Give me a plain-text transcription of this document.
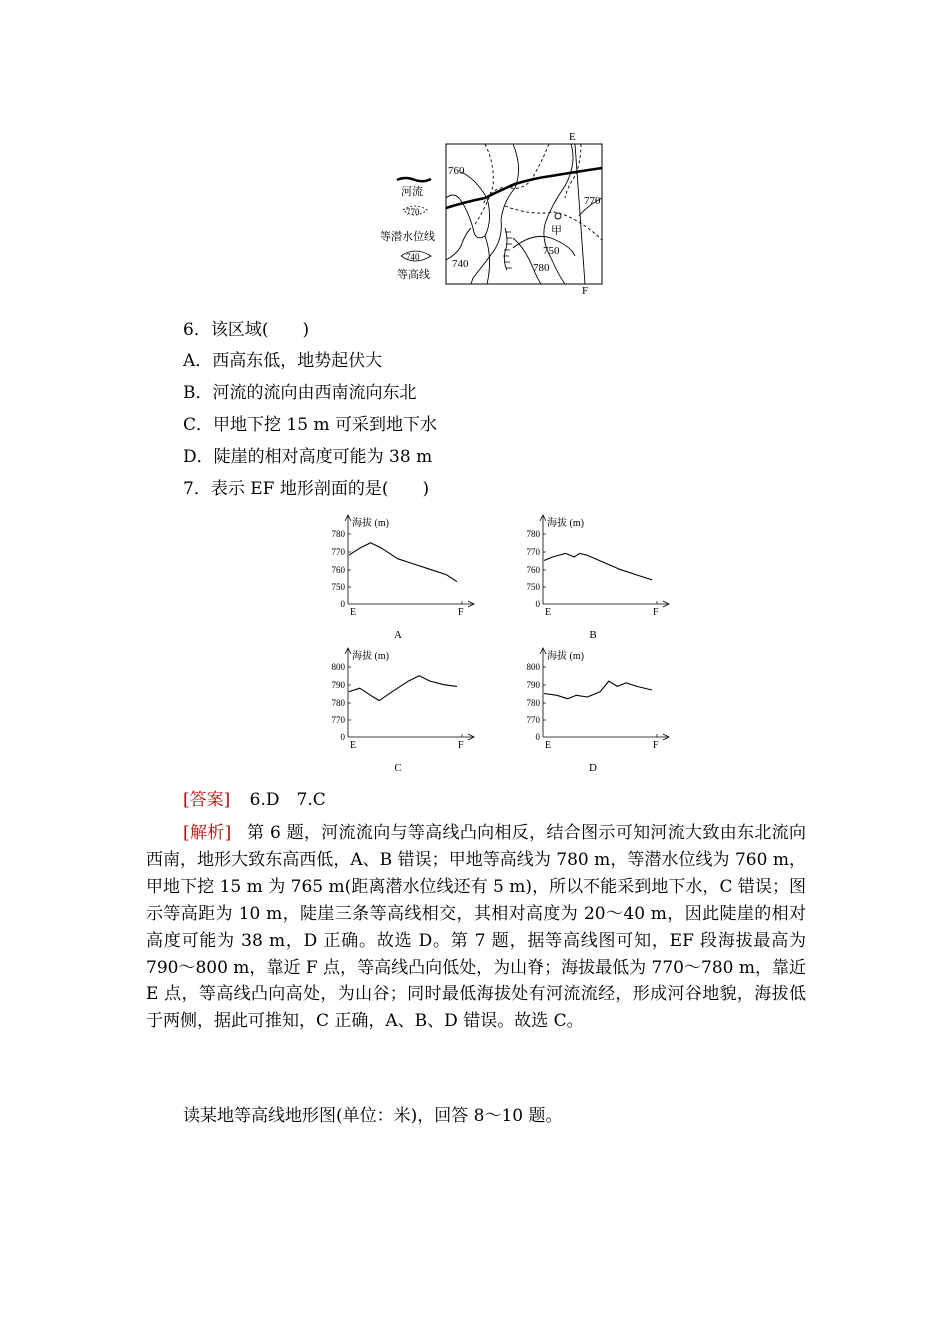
河流
770
等潜水位线
740
等高线
E
F
760
770
甲
750
780
740
6．该区域(　　)
A．西高东低，地势起伏大
B．河流的流向由西南流向东北
C．甲地下挖 15 m 可采到地下水
D．陡崖的相对高度可能为 38 m
7．表示 EF 地形剖面的是(　　)
海拔 (m)
780
770
760
750
0
E	F
A
海拔 (m)
780
770
760
750
0
E	F
B
海拔 (m)
800
790
780
770
0
E	F
C
海拔 (m)
800
790
780
770
0
E	F
D
[答案] 6.D　7.C
[解析] 第 6 题，河流流向与等高线凸向相反，结合图示可知河流大致由东北流向西南，地形大致东高西低，A、B 错误；甲地等高线为 780 m，等潜水位线为 760 m，甲地下挖 15 m 为 765 m(距离潜水位线还有 5 m)，所以不能采到地下水，C 错误；图示等高距为 10 m，陡崖三条等高线相交，其相对高度为 20～40 m，因此陡崖的相对高度可能为 38 m，D 正确。故选 D。第 7 题，据等高线图可知，EF 段海拔最高为 790～800 m，靠近 F 点，等高线凸向低处，为山脊；海拔最低为 770～780 m，靠近 E 点，等高线凸向高处，为山谷；同时最低海拔处有河流流经，形成河谷地貌，海拔低于两侧，据此可推知，C 正确，A、B、D 错误。故选 C。
读某地等高线地形图(单位：米)，回答 8～10 题。
